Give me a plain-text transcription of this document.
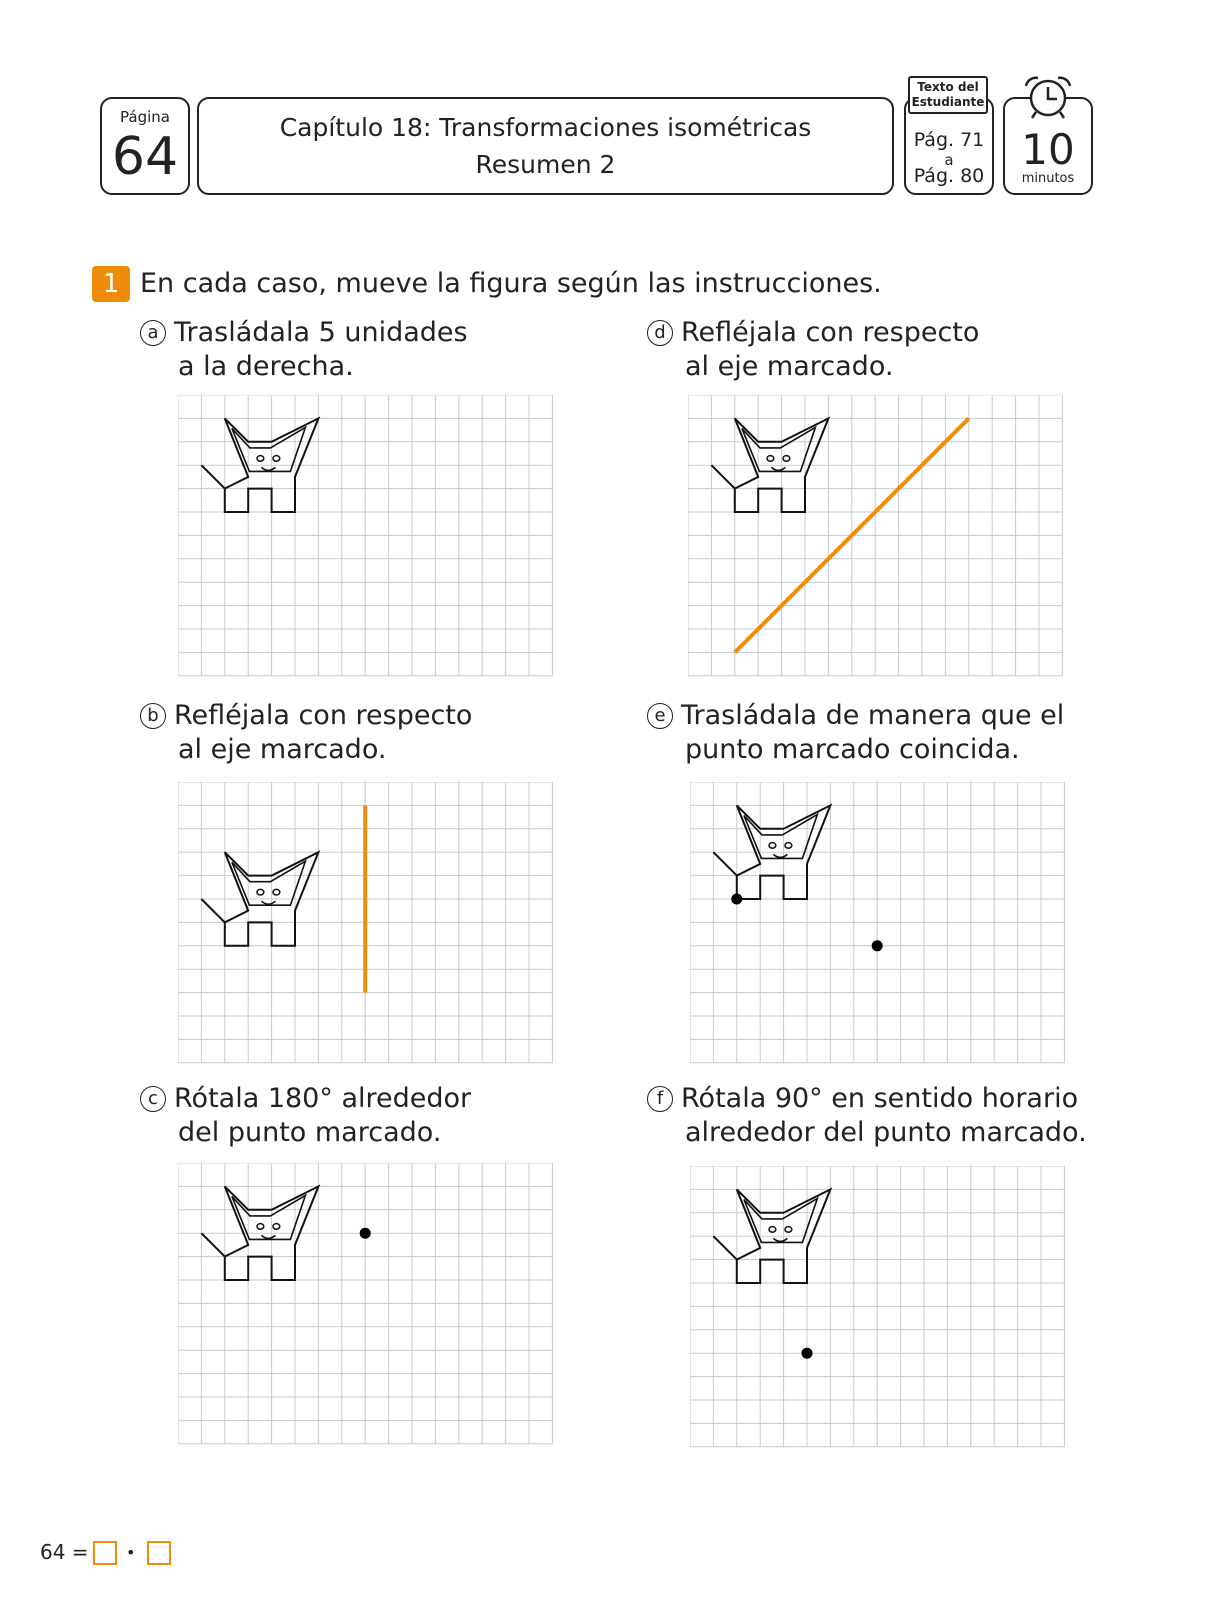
Página
64	Capítulo 18: Transformaciones isométricas
Resumen 2
Pág. 71
a
Pág. 80
Texto del
Estudiante
10
minutos
1 En cada caso, mueve la figura según las instrucciones.
a Trasládala 5 unidades
a la derecha.
d Refléjala con respecto
al eje marcado.
b Refléjala con respecto
al eje marcado.
e Trasládala de manera que el
punto marcado coincida.
c Rótala 180° alrededor
del punto marcado.
f Rótala 90° en sentido horario
alrededor del punto marcado.
64 = •
